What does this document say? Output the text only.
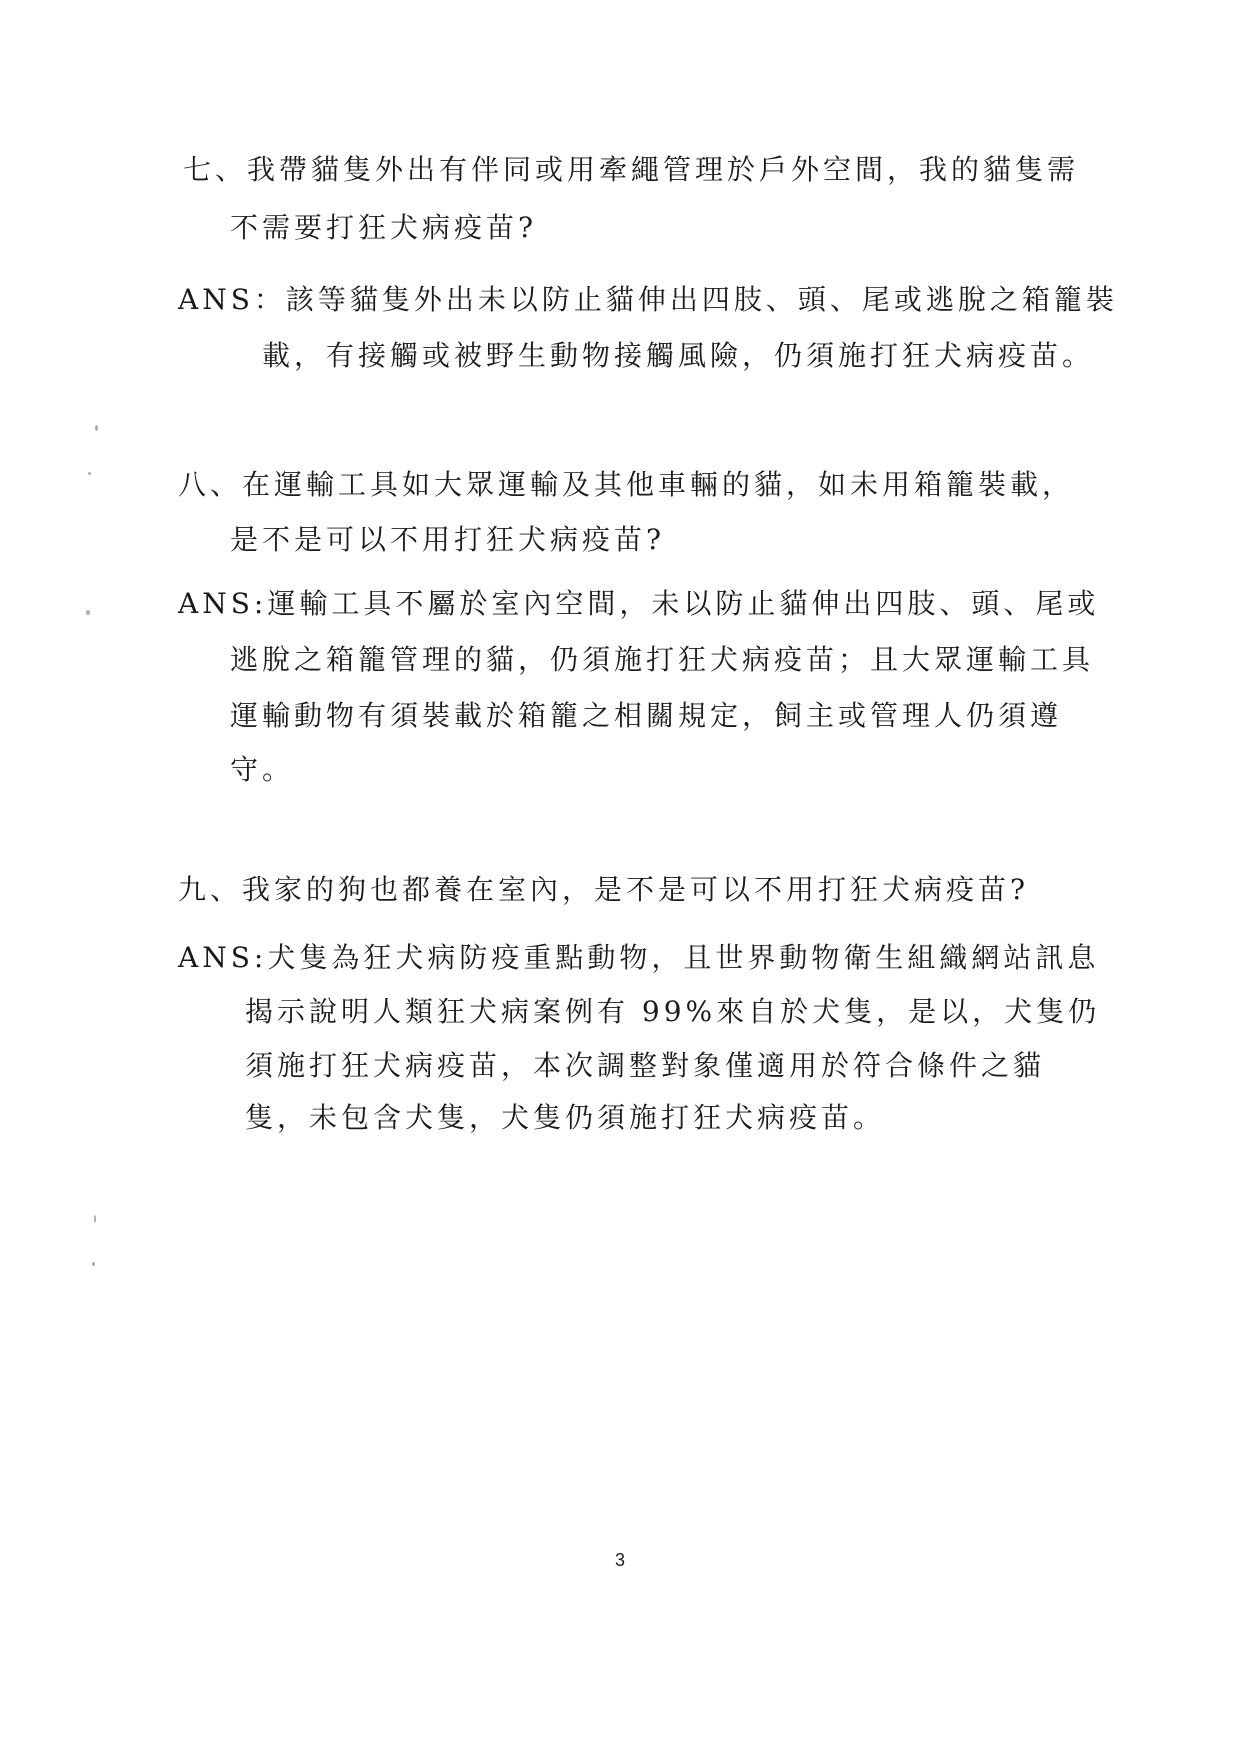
七、我帶貓隻外出有伴同或用牽繩管理於戶外空間，我的貓隻需
不需要打狂犬病疫苗?
ANS：該等貓隻外出未以防止貓伸出四肢、頭、尾或逃脫之箱籠裝
載，有接觸或被野生動物接觸風險，仍須施打狂犬病疫苗。
八、在運輸工具如大眾運輸及其他車輛的貓，如未用箱籠裝載，
是不是可以不用打狂犬病疫苗?
ANS:運輸工具不屬於室內空間，未以防止貓伸出四肢、頭、尾或
逃脫之箱籠管理的貓，仍須施打狂犬病疫苗；且大眾運輸工具
運輸動物有須裝載於箱籠之相關規定，飼主或管理人仍須遵
守。
九、我家的狗也都養在室內，是不是可以不用打狂犬病疫苗?
ANS:犬隻為狂犬病防疫重點動物，且世界動物衛生組織網站訊息
揭示說明人類狂犬病案例有 99%來自於犬隻，是以，犬隻仍
須施打狂犬病疫苗，本次調整對象僅適用於符合條件之貓
隻，未包含犬隻，犬隻仍須施打狂犬病疫苗。
3
